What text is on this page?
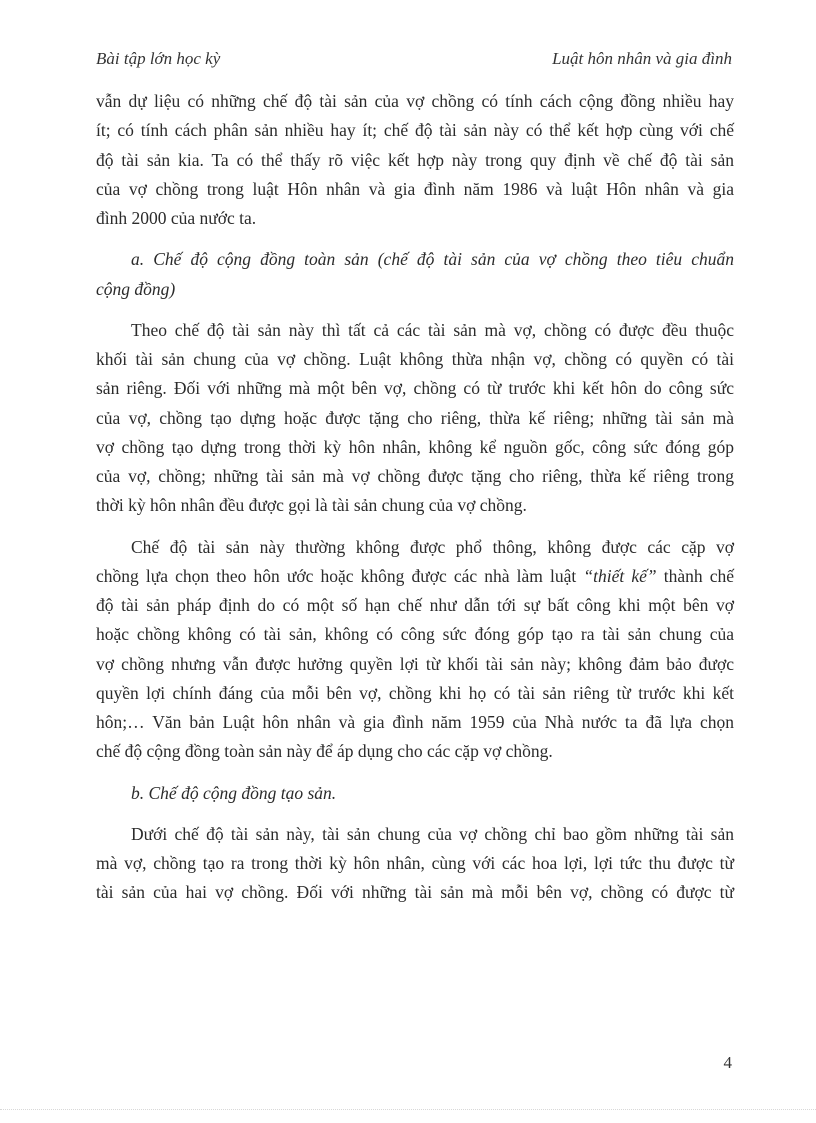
Bài tập lớn học kỳ	Luật hôn nhân và gia đình
vẫn dự liệu có những chế độ tài sản của vợ chồng có tính cách cộng đồng nhiều hay
ít; có tính cách phân sản nhiều hay ít; chế độ tài sản này có thể kết hợp cùng với chế
độ tài sản kia. Ta có thể thấy rõ việc kết hợp này trong quy định về chế độ tài sản
của vợ chồng trong luật Hôn nhân và gia đình năm 1986 và luật Hôn nhân và gia
đình 2000 của nước ta.
a. Chế độ cộng đồng toàn sản (chế độ tài sản của vợ chồng theo tiêu chuẩn
cộng đồng)
Theo chế độ tài sản này thì tất cả các tài sản mà vợ, chồng có được đều thuộc
khối tài sản chung của vợ chồng. Luật không thừa nhận vợ, chồng có quyền có tài
sản riêng. Đối với những mà một bên vợ, chồng có từ trước khi kết hôn do công sức
của vợ, chồng tạo dựng hoặc được tặng cho riêng, thừa kế riêng; những tài sản mà
vợ chồng tạo dựng trong thời kỳ hôn nhân, không kể nguồn gốc, công sức đóng góp
của vợ, chồng; những tài sản mà vợ chồng được tặng cho riêng, thừa kế riêng trong
thời kỳ hôn nhân đều được gọi là tài sản chung của vợ chồng.
Chế độ tài sản này thường không được phổ thông, không được các cặp vợ
chồng lựa chọn theo hôn ước hoặc không được các nhà làm luật “thiết kế” thành chế
độ tài sản pháp định do có một số hạn chế như dẫn tới sự bất công khi một bên vợ
hoặc chồng không có tài sản, không có công sức đóng góp tạo ra tài sản chung của
vợ chồng nhưng vẫn được hưởng quyền lợi từ khối tài sản này; không đảm bảo được
quyền lợi chính đáng của mỗi bên vợ, chồng khi họ có tài sản riêng từ trước khi kết
hôn;… Văn bản Luật hôn nhân và gia đình năm 1959 của Nhà nước ta đã lựa chọn
chế độ cộng đồng toàn sản này để áp dụng cho các cặp vợ chồng.
b. Chế độ cộng đồng tạo sản.
Dưới chế độ tài sản này, tài sản chung của vợ chồng chỉ bao gồm những tài sản
mà vợ, chồng tạo ra trong thời kỳ hôn nhân, cùng với các hoa lợi, lợi tức thu được từ
tài sản của hai vợ chồng. Đối với những tài sản mà mỗi bên vợ, chồng có được từ
4
